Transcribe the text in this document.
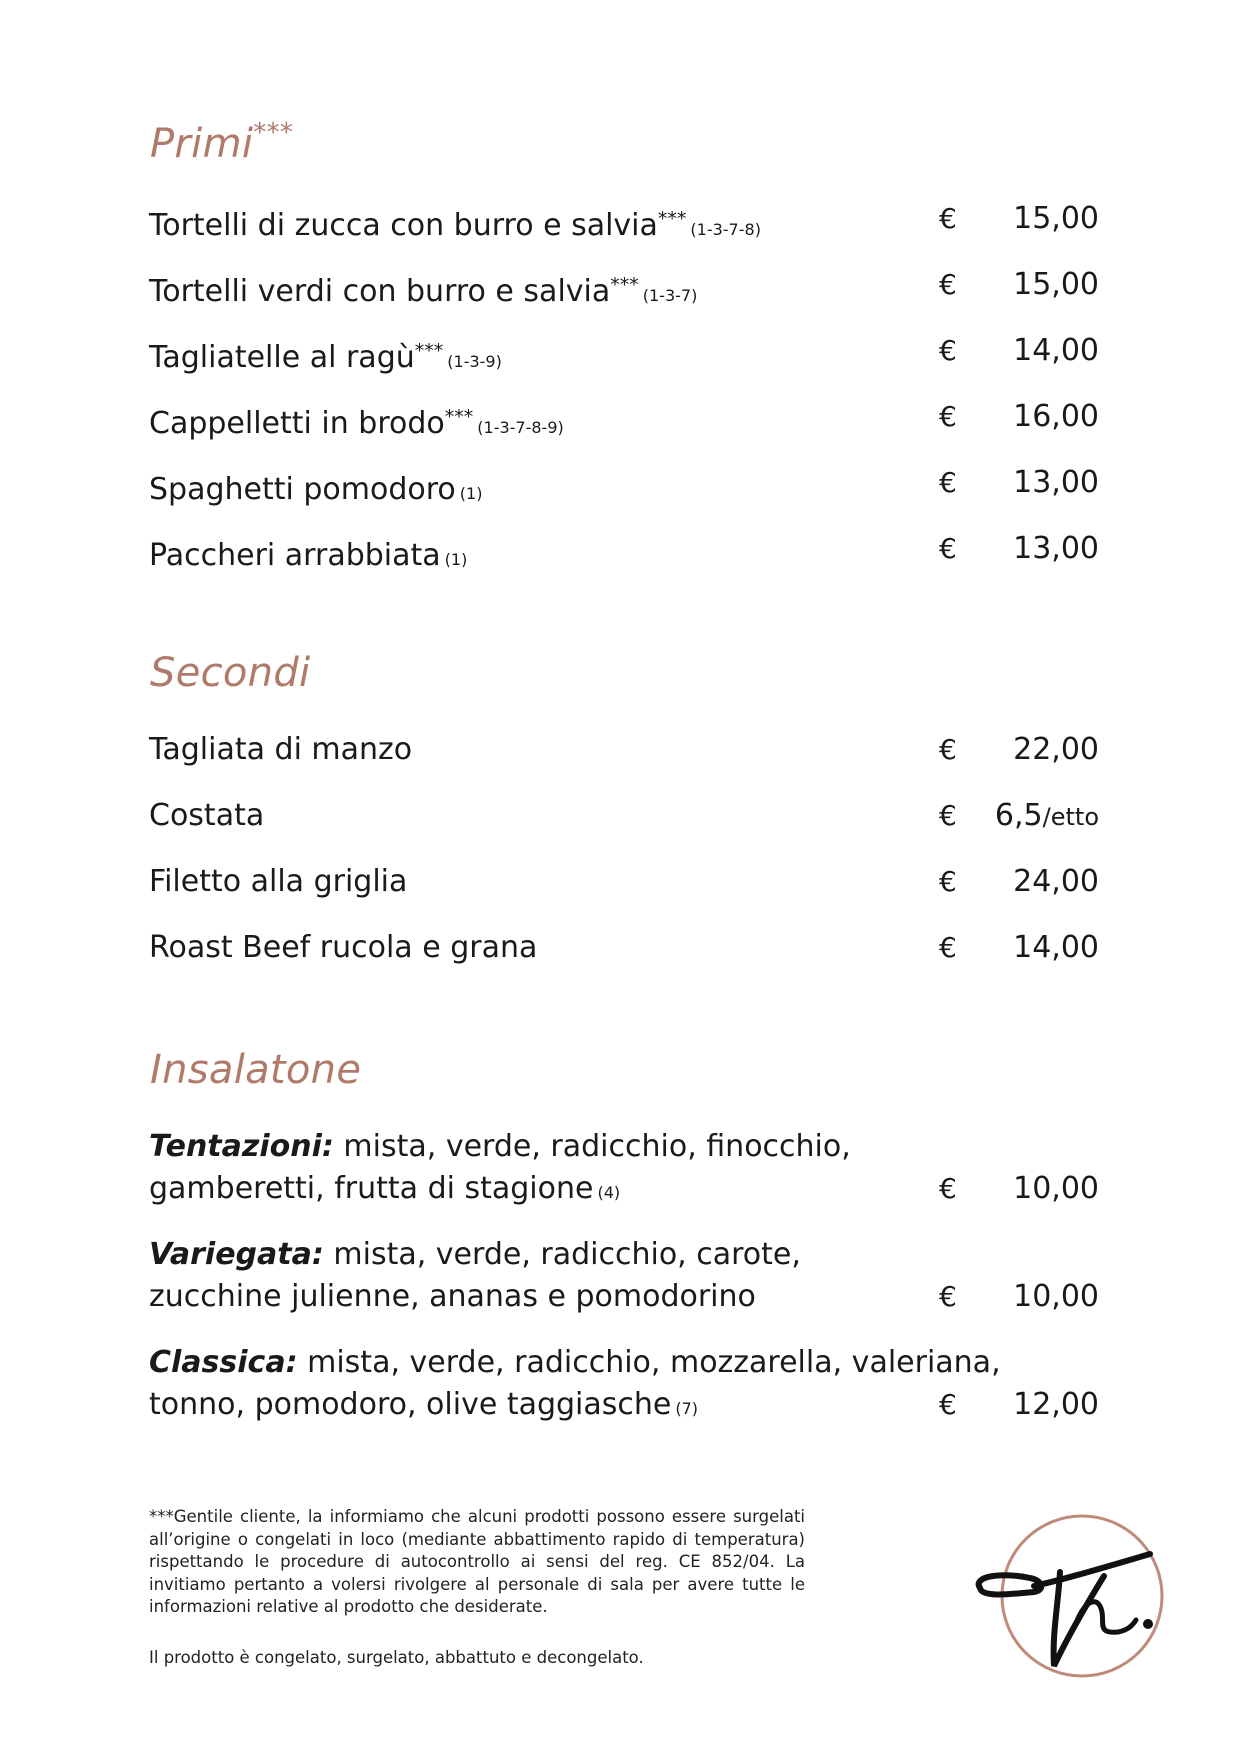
Primi***
Tortelli di zucca con burro e salvia*** (1-3-7-8)	€	15,00
Tortelli verdi con burro e salvia*** (1-3-7)	€	15,00
Tagliatelle al ragù*** (1-3-9)	€	14,00
Cappelletti in brodo*** (1-3-7-8-9)	€	16,00
Spaghetti pomodoro (1)	€	13,00
Paccheri arrabbiata (1)	€	13,00
Secondi
Tagliata di manzo	€	22,00
Costata	€	6,5/etto
Filetto alla griglia	€	24,00
Roast Beef rucola e grana	€	14,00
Insalatone
Tentazioni: mista, verde, radicchio, finocchio,
gamberetti, frutta di stagione (4)	€	10,00
Variegata: mista, verde, radicchio, carote,
zucchine julienne, ananas e pomodorino	€	10,00
Classica: mista, verde, radicchio, mozzarella, valeriana,
tonno, pomodoro, olive taggiasche (7)	€	12,00

***Gentile cliente, la informiamo che alcuni prodotti possono essere surgelati all’origine o congelati in loco (mediante abbattimento rapido di temperatura) rispettando le procedure di autocontrollo ai sensi del reg. CE 852/04. La invitiamo pertanto a volersi rivolgere al personale di sala per avere tutte le informazioni relative al prodotto che desiderate.

Il prodotto è congelato, surgelato, abbattuto e decongelato.
